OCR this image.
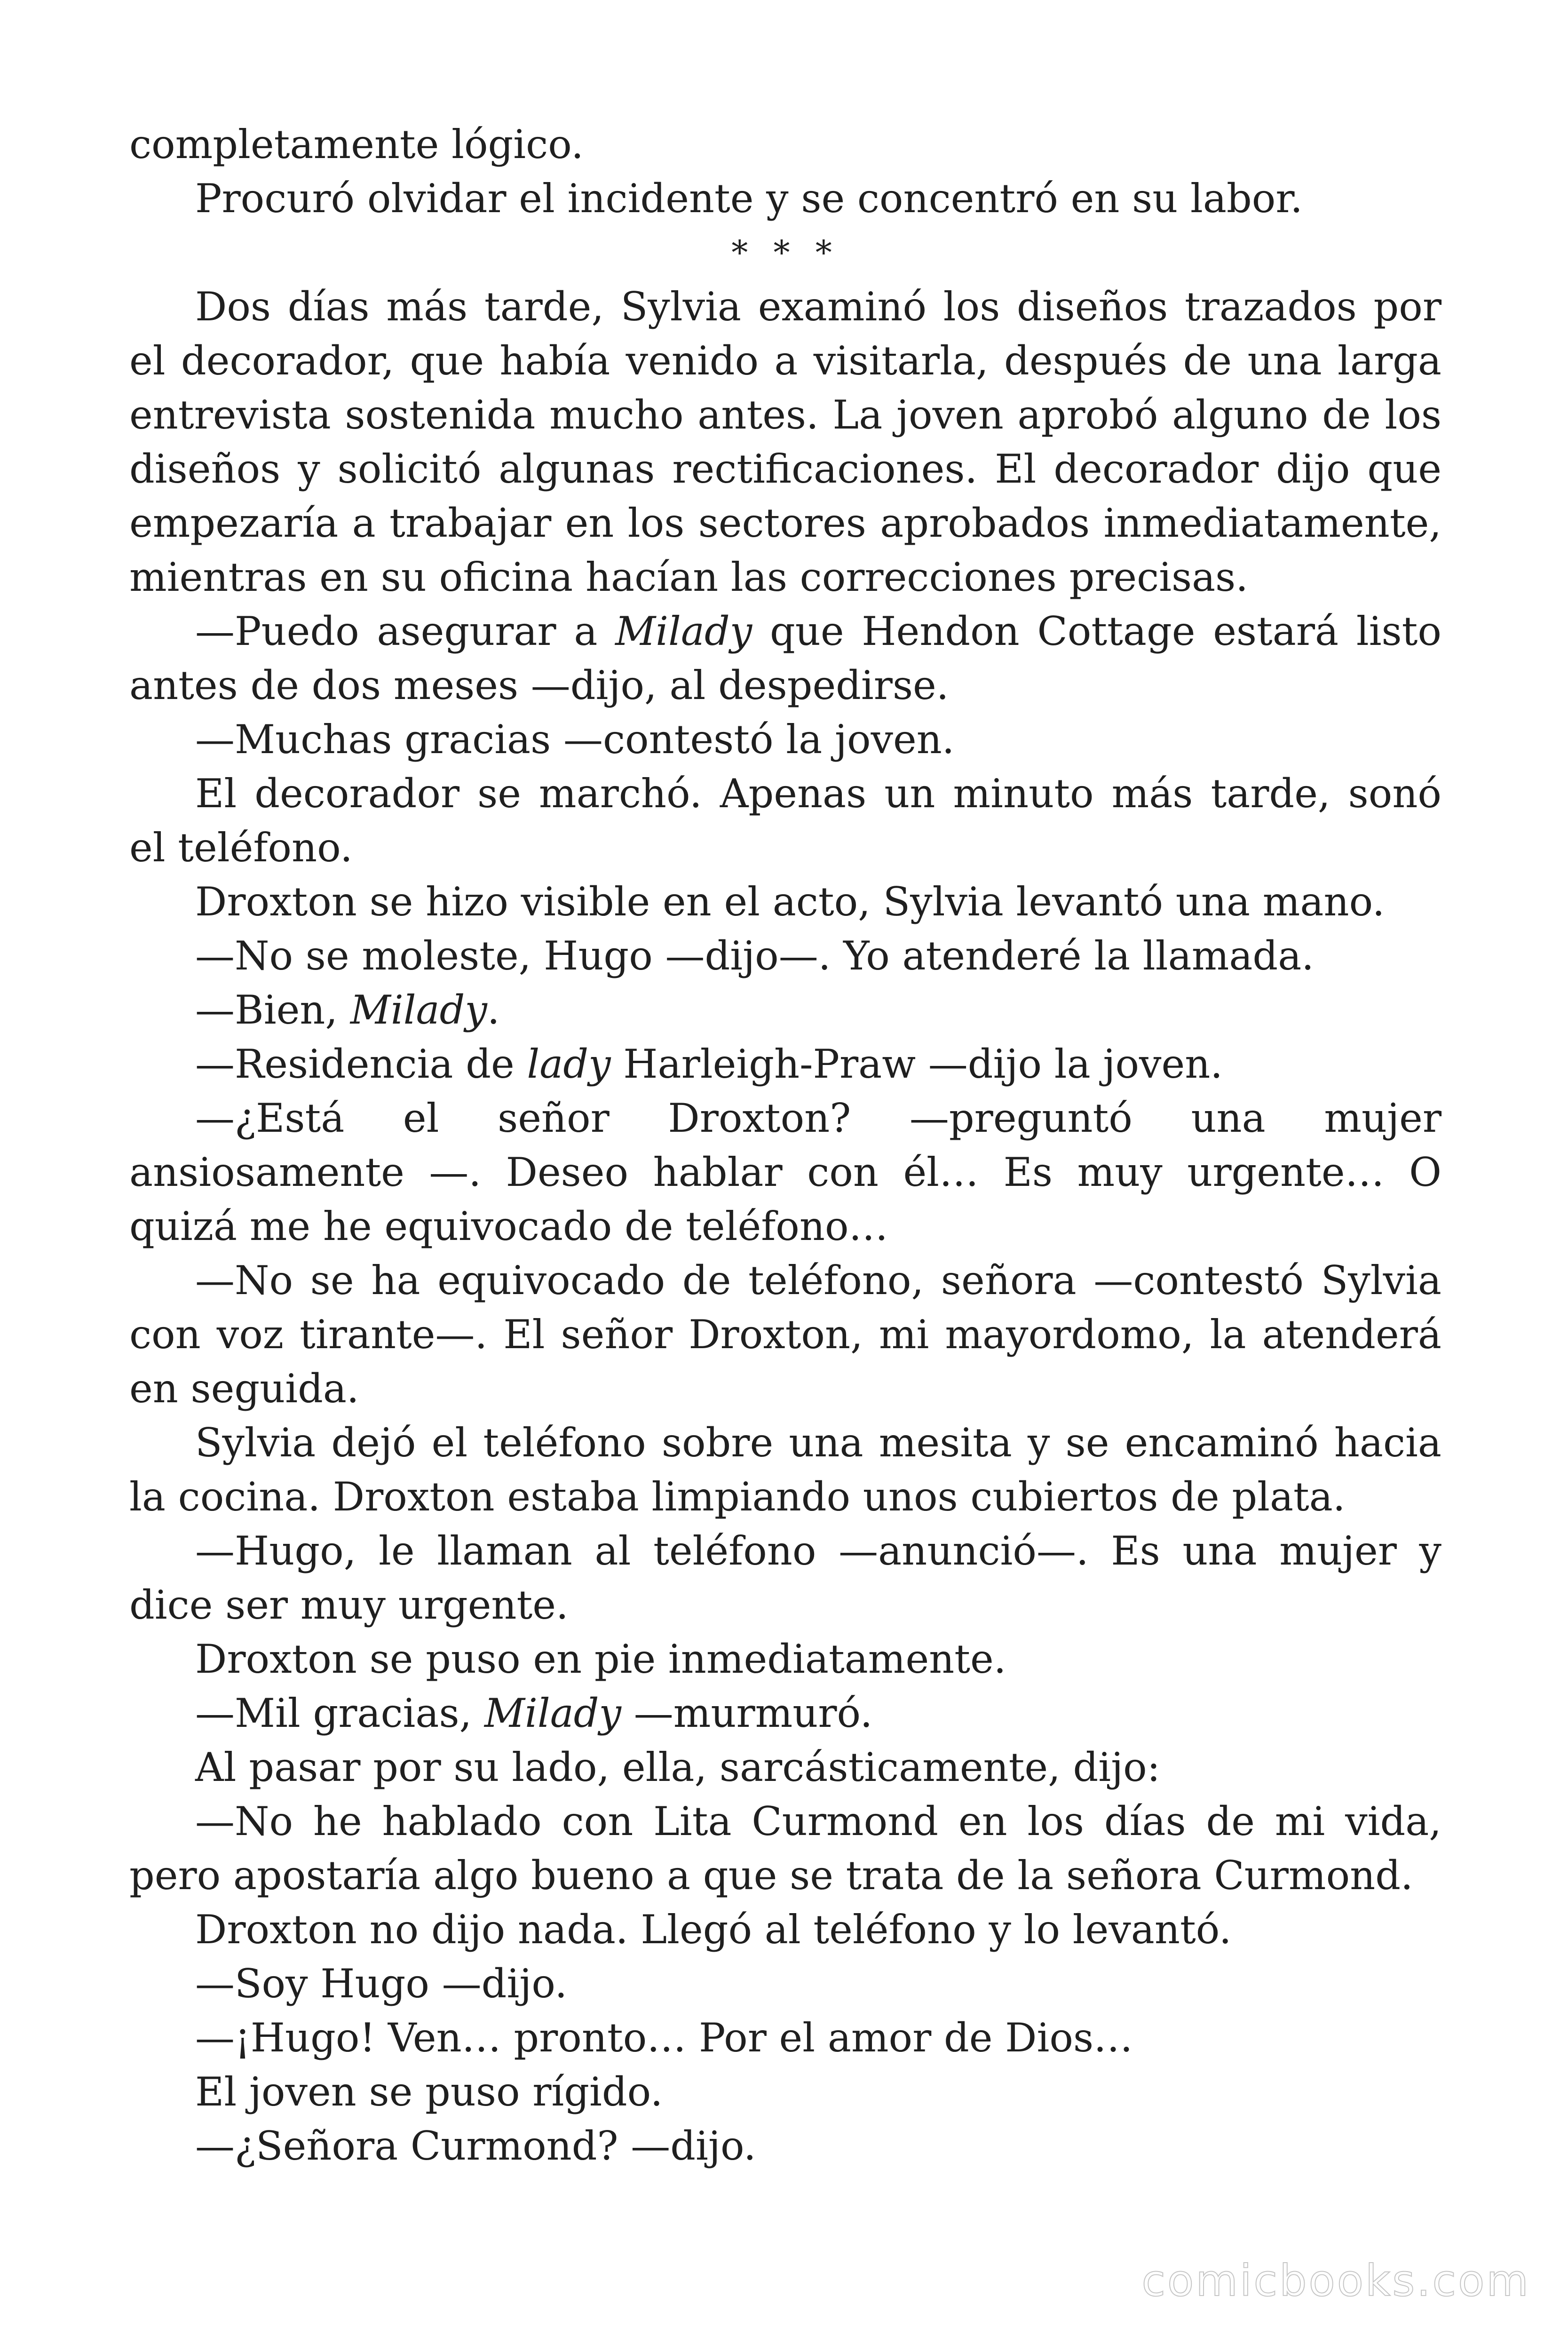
completamente lógico.

Procuró olvidar el incidente y se concentró en su labor.

* * *

Dos días más tarde, Sylvia examinó los diseños trazados por el decorador, que había venido a visitarla, después de una larga entrevista sostenida mucho antes. La joven aprobó alguno de los diseños y solicitó algunas rectificaciones. El decorador dijo que empezaría a trabajar en los sectores aprobados inmediatamente, mientras en su oficina hacían las correcciones precisas.

—Puedo asegurar a Milady que Hendon Cottage estará listo antes de dos meses —dijo, al despedirse.

—Muchas gracias —contestó la joven.

El decorador se marchó. Apenas un minuto más tarde, sonó el teléfono.

Droxton se hizo visible en el acto, Sylvia levantó una mano.

—No se moleste, Hugo —dijo—. Yo atenderé la llamada.

—Bien, Milady.

—Residencia de lady Harleigh-Praw —dijo la joven.

—¿Está el señor Droxton? —preguntó una mujer ansiosamente —. Deseo hablar con él… Es muy urgente… O quizá me he equivocado de teléfono…

—No se ha equivocado de teléfono, señora —contestó Sylvia con voz tirante—. El señor Droxton, mi mayordomo, la atenderá en seguida.

Sylvia dejó el teléfono sobre una mesita y se encaminó hacia la cocina. Droxton estaba limpiando unos cubiertos de plata.

—Hugo, le llaman al teléfono —anunció—. Es una mujer y dice ser muy urgente.

Droxton se puso en pie inmediatamente.

—Mil gracias, Milady —murmuró.

Al pasar por su lado, ella, sarcásticamente, dijo:

—No he hablado con Lita Curmond en los días de mi vida, pero apostaría algo bueno a que se trata de la señora Curmond.

Droxton no dijo nada. Llegó al teléfono y lo levantó.

—Soy Hugo —dijo.

—¡Hugo! Ven… pronto… Por el amor de Dios…

El joven se puso rígido.

—¿Señora Curmond? —dijo.

comicbooks.com
